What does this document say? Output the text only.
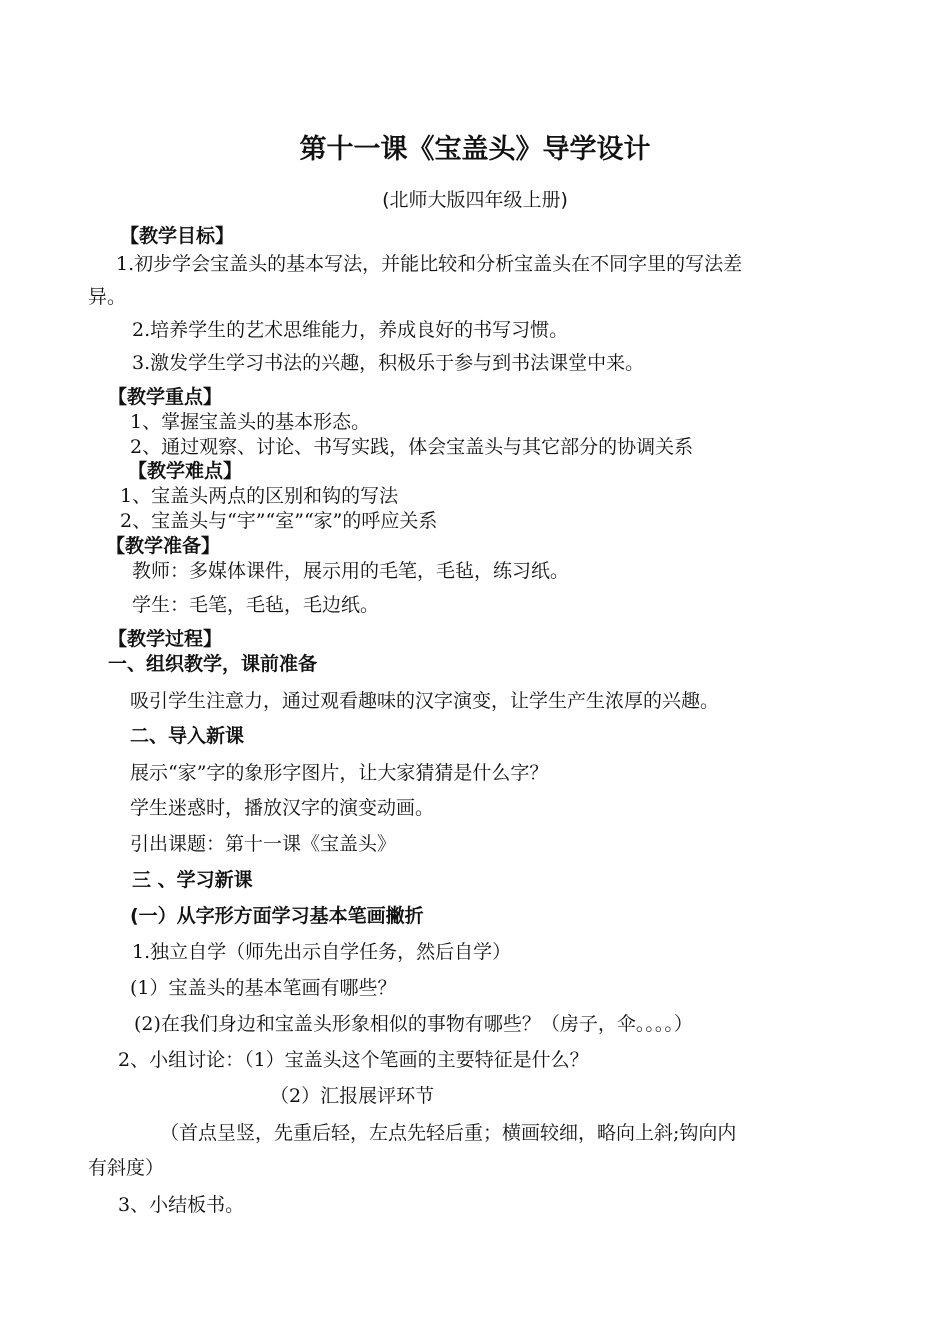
第十一课《宝盖头》导学设计
(北师大版四年级上册)
【教学目标】
1.初步学会宝盖头的基本写法，并能比较和分析宝盖头在不同字里的写法差
异。
2.培养学生的艺术思维能力，养成良好的书写习惯。
3.激发学生学习书法的兴趣，积极乐于参与到书法课堂中来。
【教学重点】
1、掌握宝盖头的基本形态。
2、通过观察、讨论、书写实践，体会宝盖头与其它部分的协调关系
【教学难点】
1、宝盖头两点的区别和钩的写法
2、宝盖头与“宇”“室”“家”的呼应关系
【教学准备】
教师：多媒体课件，展示用的毛笔，毛毡，练习纸。
学生：毛笔，毛毡，毛边纸。
【教学过程】
一、组织教学，课前准备
吸引学生注意力，通过观看趣味的汉字演变，让学生产生浓厚的兴趣。
二、导入新课
展示“家”字的象形字图片，让大家猜猜是什么字？
学生迷惑时，播放汉字的演变动画。
引出课题：第十一课《宝盖头》
三 、学习新课
(一）从字形方面学习基本笔画撇折
1.独立自学（师先出示自学任务，然后自学）
(1）宝盖头的基本笔画有哪些？
(2)在我们身边和宝盖头形象相似的事物有哪些？（房子，伞。。。。）
2、小组讨论：（1）宝盖头这个笔画的主要特征是什么？
（2）汇报展评环节
（首点呈竖，先重后轻，左点先轻后重；横画较细，略向上斜;钩向内
有斜度）
3、小结板书。
